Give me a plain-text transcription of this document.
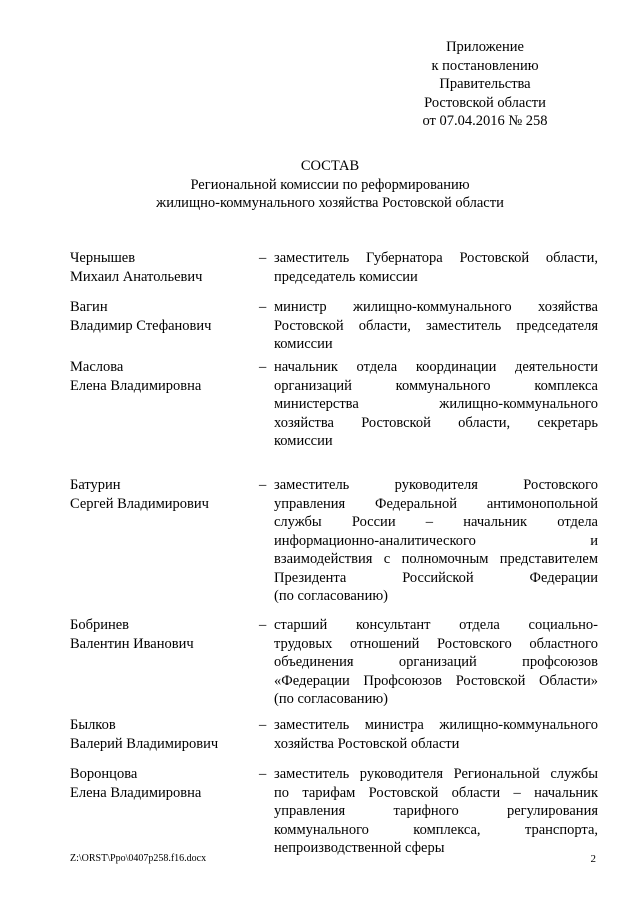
Приложение
к постановлению
Правительства
Ростовской области
от 07.04.2016 № 258
СОСТАВ
Региональной комиссии по реформированию
жилищно-коммунального хозяйства Ростовской области
Чернышев
Михаил Анатольевич
– заместитель Губернатора Ростовской области,
председатель комиссии
Вагин
Владимир Стефанович
– министр жилищно-коммунального хозяйства
Ростовской области, заместитель председателя
комиссии
Маслова
Елена Владимировна
– начальник отдела координации деятельности
организаций коммунального комплекса
министерства жилищно-коммунального
хозяйства Ростовской области, секретарь
комиссии
Батурин
Сергей Владимирович
– заместитель руководителя Ростовского
управления Федеральной антимонопольной
службы России – начальник отдела
информационно-аналитического и
взаимодействия с полномочным представителем
Президента Российской Федерации
(по согласованию)
Бобринев
Валентин Иванович
– старший консультант отдела социально-
трудовых отношений Ростовского областного
объединения организаций профсоюзов
«Федерации Профсоюзов Ростовской Области»
(по согласованию)
Былков
Валерий Владимирович
– заместитель министра жилищно-коммунального
хозяйства Ростовской области
Воронцова
Елена Владимировна
– заместитель руководителя Региональной службы
по тарифам Ростовской области – начальник
управления тарифного регулирования
коммунального комплекса, транспорта,
непроизводственной сферы
Z:\ORST\Ppo\0407p258.f16.docx	2
